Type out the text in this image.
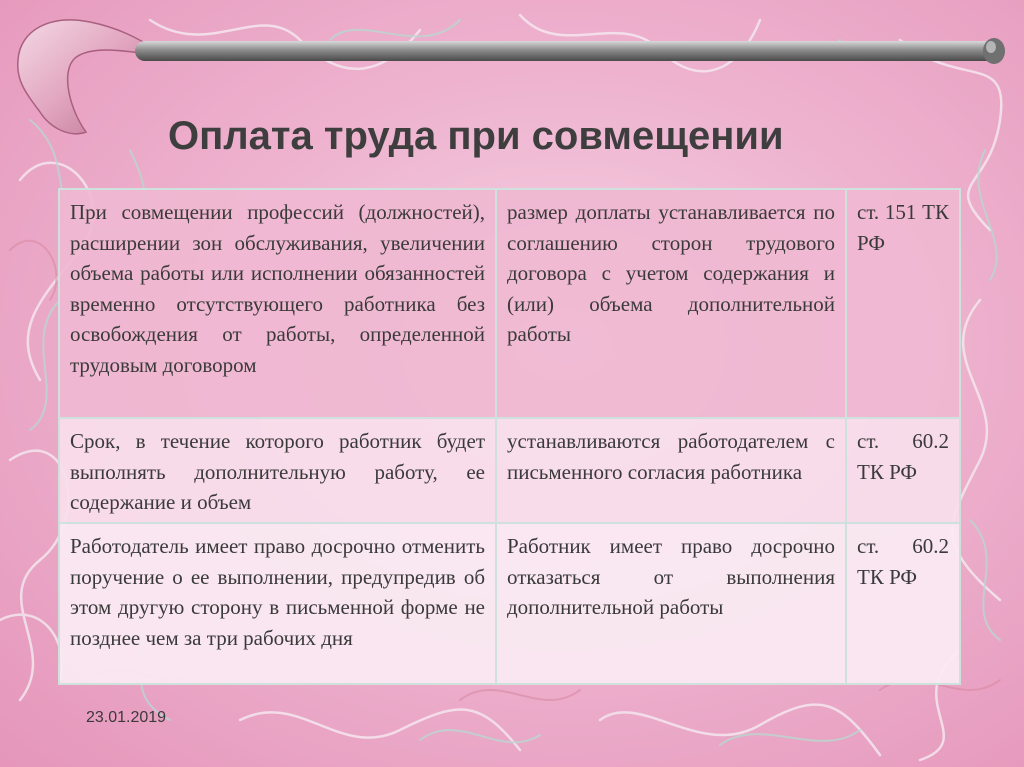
Оплата труда при совмещении
При совмещении профессий (должностей), расширении зон обслуживания, увеличении объема работы или исполнении обязанностей временно отсутствующего работника без освобождения от работы, определенной трудовым договором	размер доплаты устанавливается по соглашению сторон трудового договора с учетом содержания и (или) объема дополнительной работы	ст. 151 ТК РФ
Срок, в течение которого работник будет выполнять дополнительную работу, ее содержание и объем	устанавливаются работодателем с письменного согласия работника	ст. 60.2 ТК РФ
Работодатель имеет право досрочно отменить поручение о ее выполнении, предупредив об этом другую сторону в письменной форме не позднее чем за три рабочих дня	Работник имеет право досрочно отказаться от выполнения дополнительной работы	ст. 60.2 ТК РФ
23.01.2019
